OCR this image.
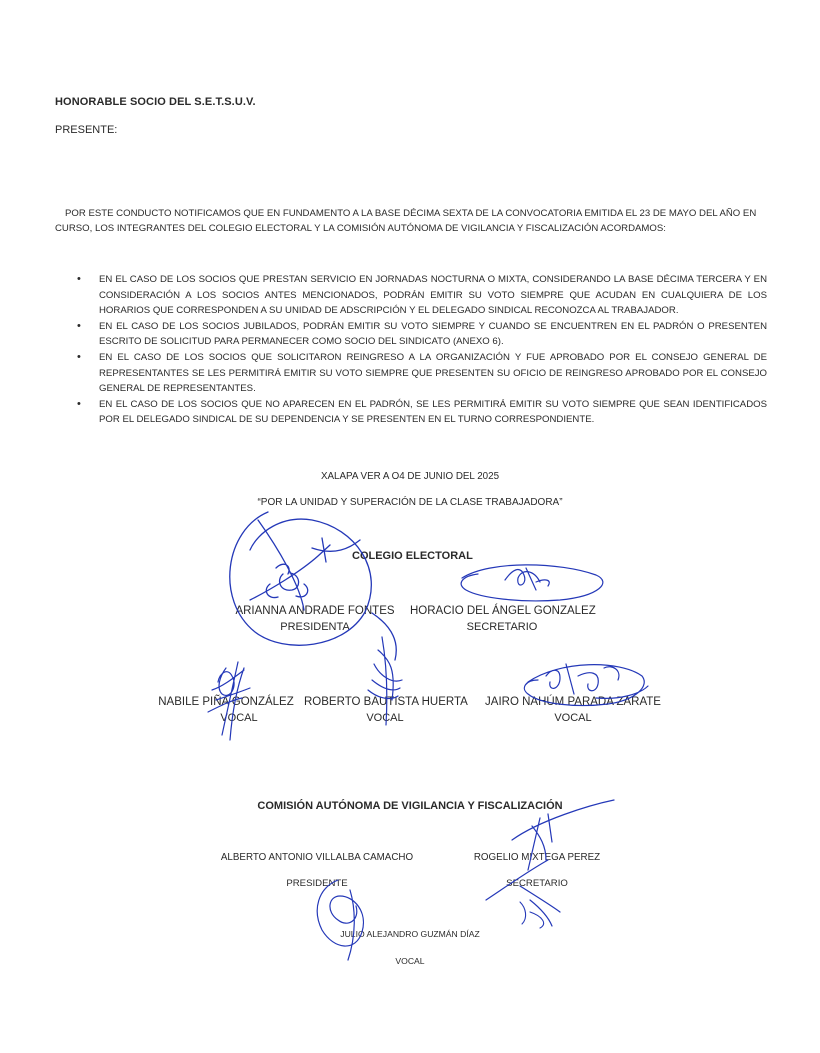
HONORABLE SOCIO DEL S.E.T.S.U.V.
PRESENTE:
POR ESTE CONDUCTO NOTIFICAMOS QUE EN FUNDAMENTO A LA BASE DÉCIMA SEXTA DE LA CONVOCATORIA EMITIDA EL 23 DE MAYO DEL AÑO EN CURSO, LOS INTEGRANTES DEL COLEGIO ELECTORAL Y LA COMISIÓN AUTÓNOMA DE VIGILANCIA Y FISCALIZACIÓN ACORDAMOS:
• EN EL CASO DE LOS SOCIOS QUE PRESTAN SERVICIO EN JORNADAS NOCTURNA O MIXTA, CONSIDERANDO LA BASE DÉCIMA TERCERA Y EN CONSIDERACIÓN A LOS SOCIOS ANTES MENCIONADOS, PODRÁN EMITIR SU VOTO SIEMPRE QUE ACUDAN EN CUALQUIERA DE LOS HORARIOS QUE CORRESPONDEN A SU UNIDAD DE ADSCRIPCIÓN Y EL DELEGADO SINDICAL RECONOZCA AL TRABAJADOR.
• EN EL CASO DE LOS SOCIOS JUBILADOS, PODRÁN EMITIR SU VOTO SIEMPRE Y CUANDO SE ENCUENTREN EN EL PADRÓN O PRESENTEN ESCRITO DE SOLICITUD PARA PERMANECER COMO SOCIO DEL SINDICATO (ANEXO 6).
• EN EL CASO DE LOS SOCIOS QUE SOLICITARON REINGRESO A LA ORGANIZACIÓN Y FUE APROBADO POR EL CONSEJO GENERAL DE REPRESENTANTES SE LES PERMITIRÁ EMITIR SU VOTO SIEMPRE QUE PRESENTEN SU OFICIO DE REINGRESO APROBADO POR EL CONSEJO GENERAL DE REPRESENTANTES.
• EN EL CASO DE LOS SOCIOS QUE NO APARECEN EN EL PADRÓN, SE LES PERMITIRÁ EMITIR SU VOTO SIEMPRE QUE SEAN IDENTIFICADOS POR EL DELEGADO SINDICAL DE SU DEPENDENCIA Y SE PRESENTEN EN EL TURNO CORRESPONDIENTE.
XALAPA VER A O4 DE JUNIO DEL 2025
“POR LA UNIDAD Y SUPERACIÓN DE LA CLASE TRABAJADORA”
COLEGIO ELECTORAL
ARIANNA ANDRADE FONTES
PRESIDENTA
HORACIO DEL ÁNGEL GONZALEZ
SECRETARIO
NABILE PIÑA GONZÁLEZ
VOCAL
ROBERTO BAUTISTA HUERTA
VOCAL
JAIRO NAHÚM PARADA ZARATE
VOCAL
COMISIÓN AUTÓNOMA DE VIGILANCIA Y FISCALIZACIÓN
ALBERTO ANTONIO VILLALBA CAMACHO
PRESIDENTE
ROGELIO MIXTEGA PEREZ
SECRETARIO
JULIO ALEJANDRO GUZMÁN DÍAZ
VOCAL
